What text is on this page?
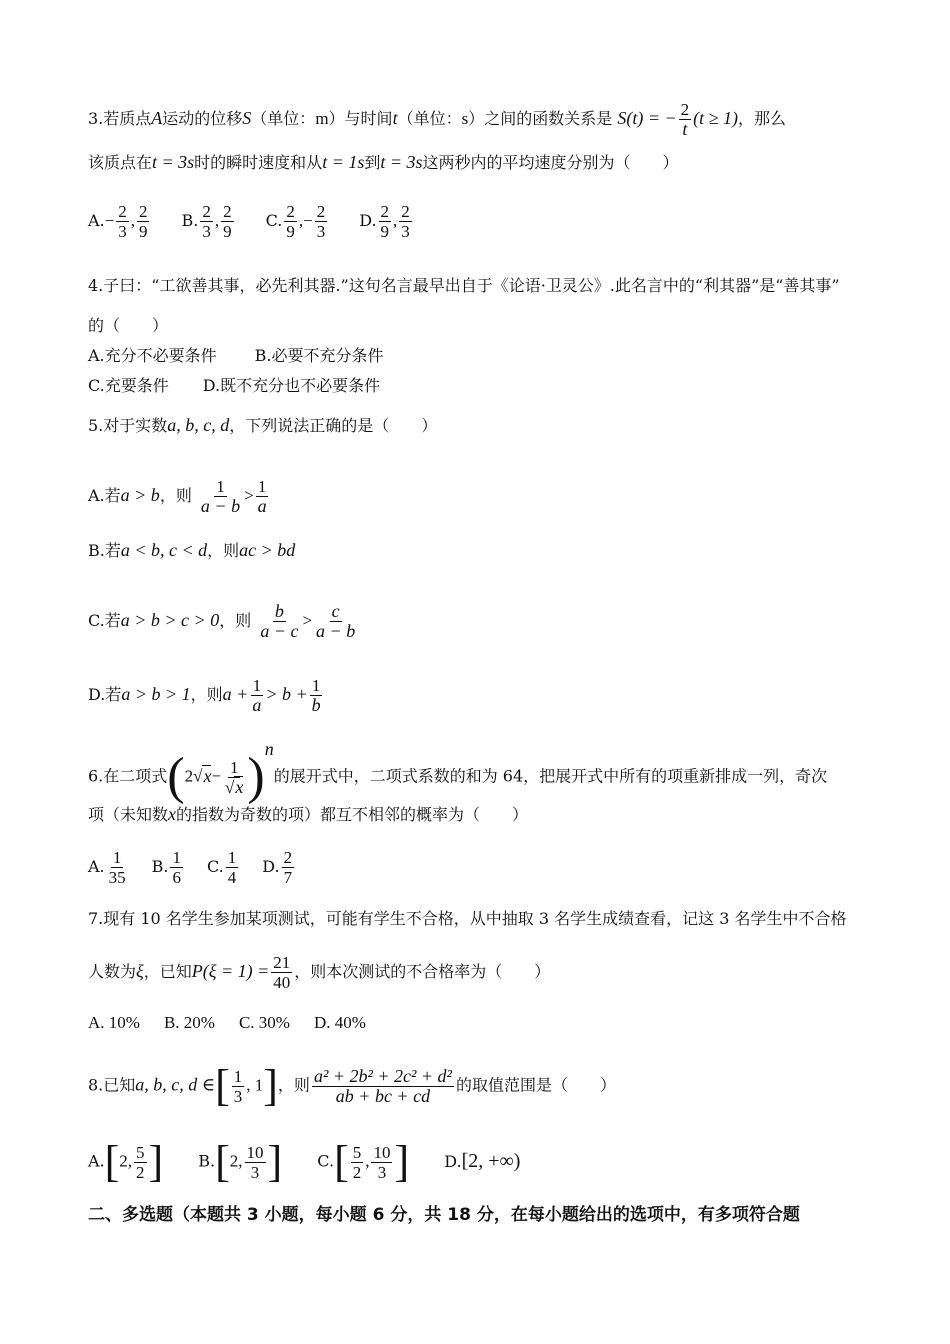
3.若质点A运动的位移S（单位：m）与时间t（单位：s）之间的函数关系是 S(t) = − $\frac{2}{t} (t \ge 1)$，那么
该质点在t = 3s时的瞬时速度和从t = 1s到t = 3s这两秒内的平均速度分别为（　　）
$A.- \frac{2}{3}$ , $\frac{2}{9} B$. $\frac{2}{3}$ , $\frac{2}{9} C$. $\frac{2}{9}$ ,− $\frac{2}{3} D$. $\frac{2}{9}$ , $\frac{2}{3}$
4.子曰：“工欲善其事，必先利其器.”这句名言最早出自于《论语·卫灵公》.此名言中的“利其器”是“善其事”
的（　　）
A.充分不必要条件 B.必要不充分条件
C.充要条件 D.既不充分也不必要条件
5.对于实数a, b, c, d，下列说法正确的是（　　）
A.若a > b，则 $\frac{1}{a - b} > \frac{1}{a}$
B.若a < b, c < d，则ac > bd
C.若a > b > c > 0，则 $\frac{b}{a - c} > \frac{c}{a - b}$
D.若a > b > 1，则$a + \frac{1}{a} > b + \frac{1}{b}$
6.在二项式$(2√x- \frac{1}{√x} )^n$的展开式中，二项式系数的和为 64，把展开式中所有的项重新排成一列，奇次
项（未知数x的指数为奇数的项）都互不相邻的概率为（　　）
A. $\frac{1}{35} B$. $\frac{1}{6} C$. $\frac{1}{4} D$. $\frac{2}{7}$
7.现有 10 名学生参加某项测试，可能有学生不合格，从中抽取 3 名学生成绩查看，记这 3 名学生中不合格
人数为ξ，已知$P(\xi = 1) = \frac{21}{40}$ ，则本次测试的不合格率为（　　）
A. 10% B. 20% C. 30% D. 40%
8.已知a, b, c, d ∈[ $\frac{1}{3}$ , 1]，则 $\frac{\text{a² + 2b² + 2c² + d²}}{ab + bc + cd}$ 的取值范围是（　　）
A.[2, $\frac{5}{2}$ ] B.[2, $\frac{10}{3}$ ] $C.[ \frac{5}{2}$ , $\frac{10}{3}$ ] D.[2, +∞)
二、多选题（本题共 3 小题，每小题 6 分，共 18 分，在每小题给出的选项中，有多项符合题
